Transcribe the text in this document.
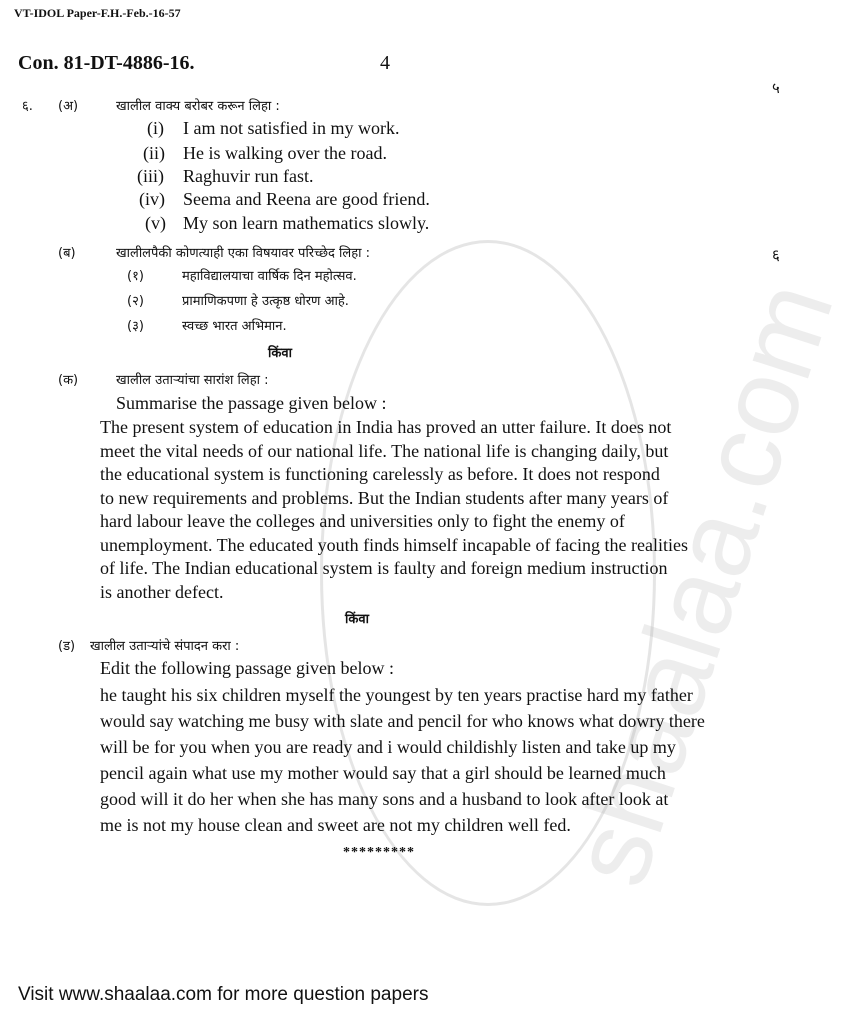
shaalaa.com
VT-IDOL Paper-F.H.-Feb.-16-57
Con. 81-DT-4886-16.	4
५
६
६. (अ)	खालील वाक्य बरोबर करून लिहा :
(i) I am not satisfied in my work.
(ii) He is walking over the road.
(iii) Raghuvir run fast.
(iv) Seema and Reena are good friend.
(v) My son learn mathematics slowly.
(ब)	खालीलपैकी कोणत्याही एका विषयावर परिच्छेद लिहा :
(१)	महाविद्यालयाचा वार्षिक दिन महोत्सव.
(२)	प्रामाणिकपणा हे उत्कृष्ठ धोरण आहे.
(३)	स्वच्छ भारत अभिमान.
किंवा
(क)	खालील उताऱ्यांचा सारांश लिहा :
Summarise the passage given below :
The present system of education in India has proved an utter failure. It does not
meet the vital needs of our national life. The national life is changing daily, but
the educational system is functioning carelessly as before. It does not respond
to new requirements and problems. But the Indian students after many years of
hard labour leave the colleges and universities only to fight the enemy of
unemployment. The educated youth finds himself incapable of facing the realities
of life. The Indian educational system is faulty and foreign medium instruction
is another defect.
किंवा
(ड) खालील उताऱ्यांचे संपादन करा :
Edit the following passage given below :
he taught his six children myself the youngest by ten years practise hard my father
would say watching me busy with slate and pencil for who knows what dowry there
will be for you when you are ready and i would childishly listen and take up my
pencil again what use my mother would say that a girl should be learned much
good will it do her when she has many sons and a husband to look after look at
me is not my house clean and sweet are not my children well fed.
*********
Visit www.shaalaa.com for more question papers
